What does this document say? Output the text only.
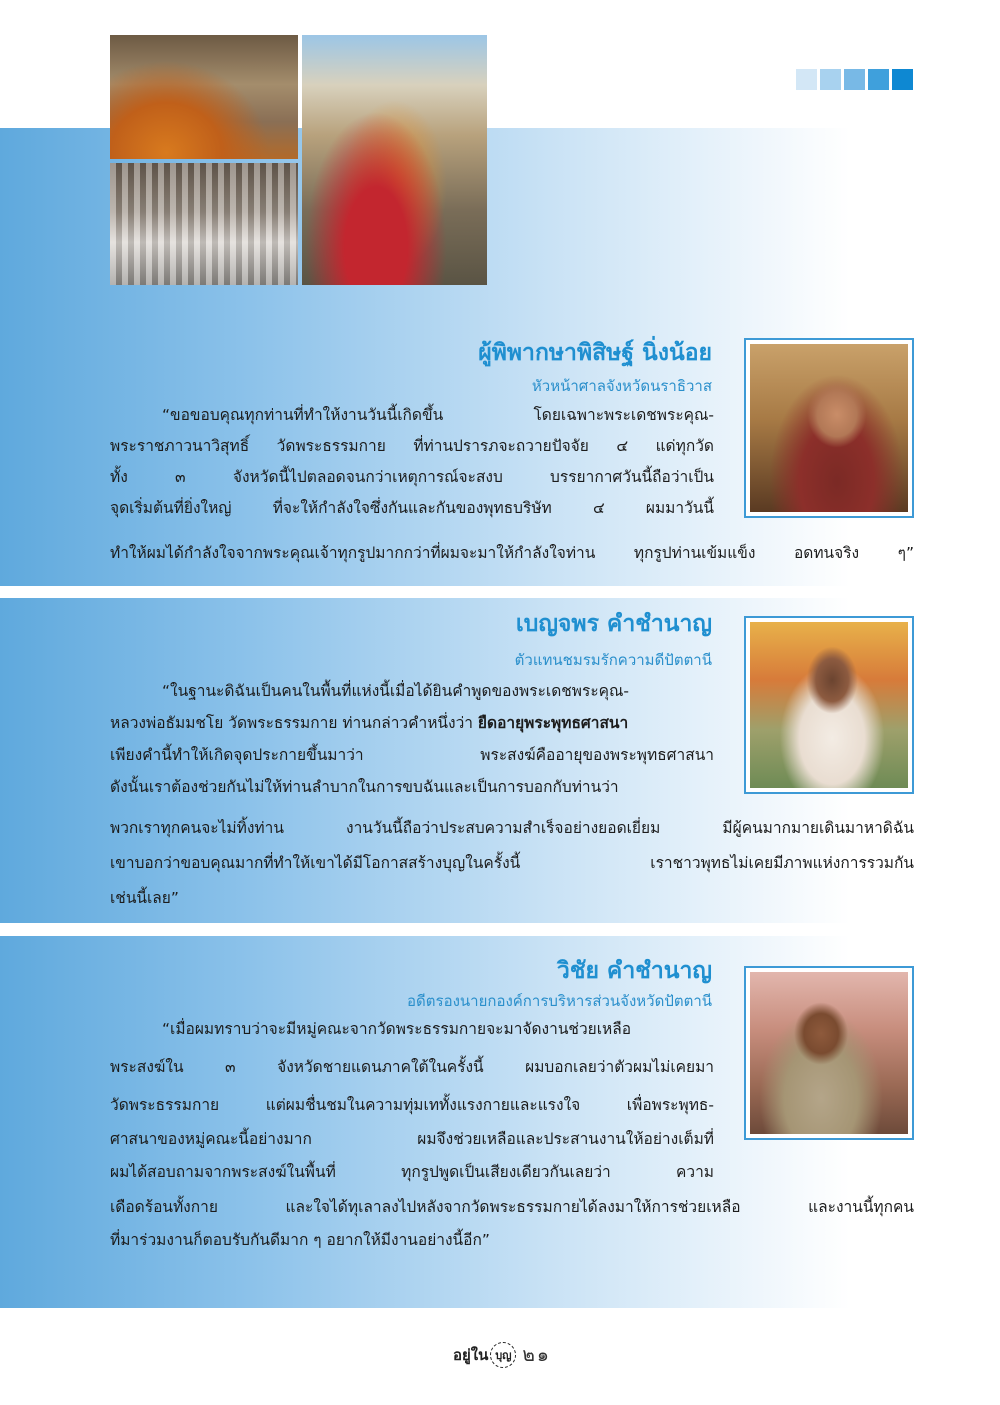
ผู้พิพากษาพิสิษฐ์ นิ่งน้อย
หัวหน้าศาลจังหวัดนราธิวาส
“ขอขอบคุณทุกท่านที่ทำให้งานวันนี้เกิดขึ้น โดยเฉพาะพระเดชพระคุณ-
พระราชภาวนาวิสุทธิ์ วัดพระธรรมกาย ที่ท่านปรารภจะถวายปัจจัย ๔ แด่ทุกวัด
ทั้ง ๓ จังหวัดนี้ไปตลอดจนกว่าเหตุการณ์จะสงบ บรรยากาศวันนี้ถือว่าเป็น
จุดเริ่มต้นที่ยิ่งใหญ่ ที่จะให้กำลังใจซึ่งกันและกันของพุทธบริษัท ๔ ผมมาวันนี้
ทำให้ผมได้กำลังใจจากพระคุณเจ้าทุกรูปมากกว่าที่ผมจะมาให้กำลังใจท่าน ทุกรูปท่านเข้มแข็ง อดทนจริง ๆ”
เบญจพร คำชำนาญ
ตัวแทนชมรมรักความดีปัตตานี
“ในฐานะดิฉันเป็นคนในพื้นที่แห่งนี้เมื่อได้ยินคำพูดของพระเดชพระคุณ-
หลวงพ่อธัมมชโย วัดพระธรรมกาย ท่านกล่าวคำหนึ่งว่า ยืดอายุพระพุทธศาสนา
เพียงคำนี้ทำให้เกิดจุดประกายขึ้นมาว่า พระสงฆ์คืออายุของพระพุทธศาสนา
ดังนั้นเราต้องช่วยกันไม่ให้ท่านลำบากในการขบฉันและเป็นการบอกกับท่านว่า
พวกเราทุกคนจะไม่ทิ้งท่าน งานวันนี้ถือว่าประสบความสำเร็จอย่างยอดเยี่ยม มีผู้คนมากมายเดินมาหาดิฉัน
เขาบอกว่าขอบคุณมากที่ทำให้เขาได้มีโอกาสสร้างบุญในครั้งนี้ เราชาวพุทธไม่เคยมีภาพแห่งการรวมกัน
เช่นนี้เลย”
วิชัย คำชำนาญ
อดีตรองนายกองค์การบริหารส่วนจังหวัดปัตตานี
“เมื่อผมทราบว่าจะมีหมู่คณะจากวัดพระธรรมกายจะมาจัดงานช่วยเหลือ
พระสงฆ์ใน ๓ จังหวัดชายแดนภาคใต้ในครั้งนี้ ผมบอกเลยว่าตัวผมไม่เคยมา
วัดพระธรรมกาย แต่ผมชื่นชมในความทุ่มเททั้งแรงกายและแรงใจ เพื่อพระพุทธ-
ศาสนาของหมู่คณะนี้อย่างมาก ผมจึงช่วยเหลือและประสานงานให้อย่างเต็มที่
ผมได้สอบถามจากพระสงฆ์ในพื้นที่ ทุกรูปพูดเป็นเสียงเดียวกันเลยว่า ความ
เดือดร้อนทั้งกาย และใจได้ทุเลาลงไปหลังจากวัดพระธรรมกายได้ลงมาให้การช่วยเหลือ และงานนี้ทุกคน
ที่มาร่วมงานก็ตอบรับกันดีมาก ๆ อยากให้มีงานอย่างนี้อีก”
อยู่ใน บุญ ๒๑
